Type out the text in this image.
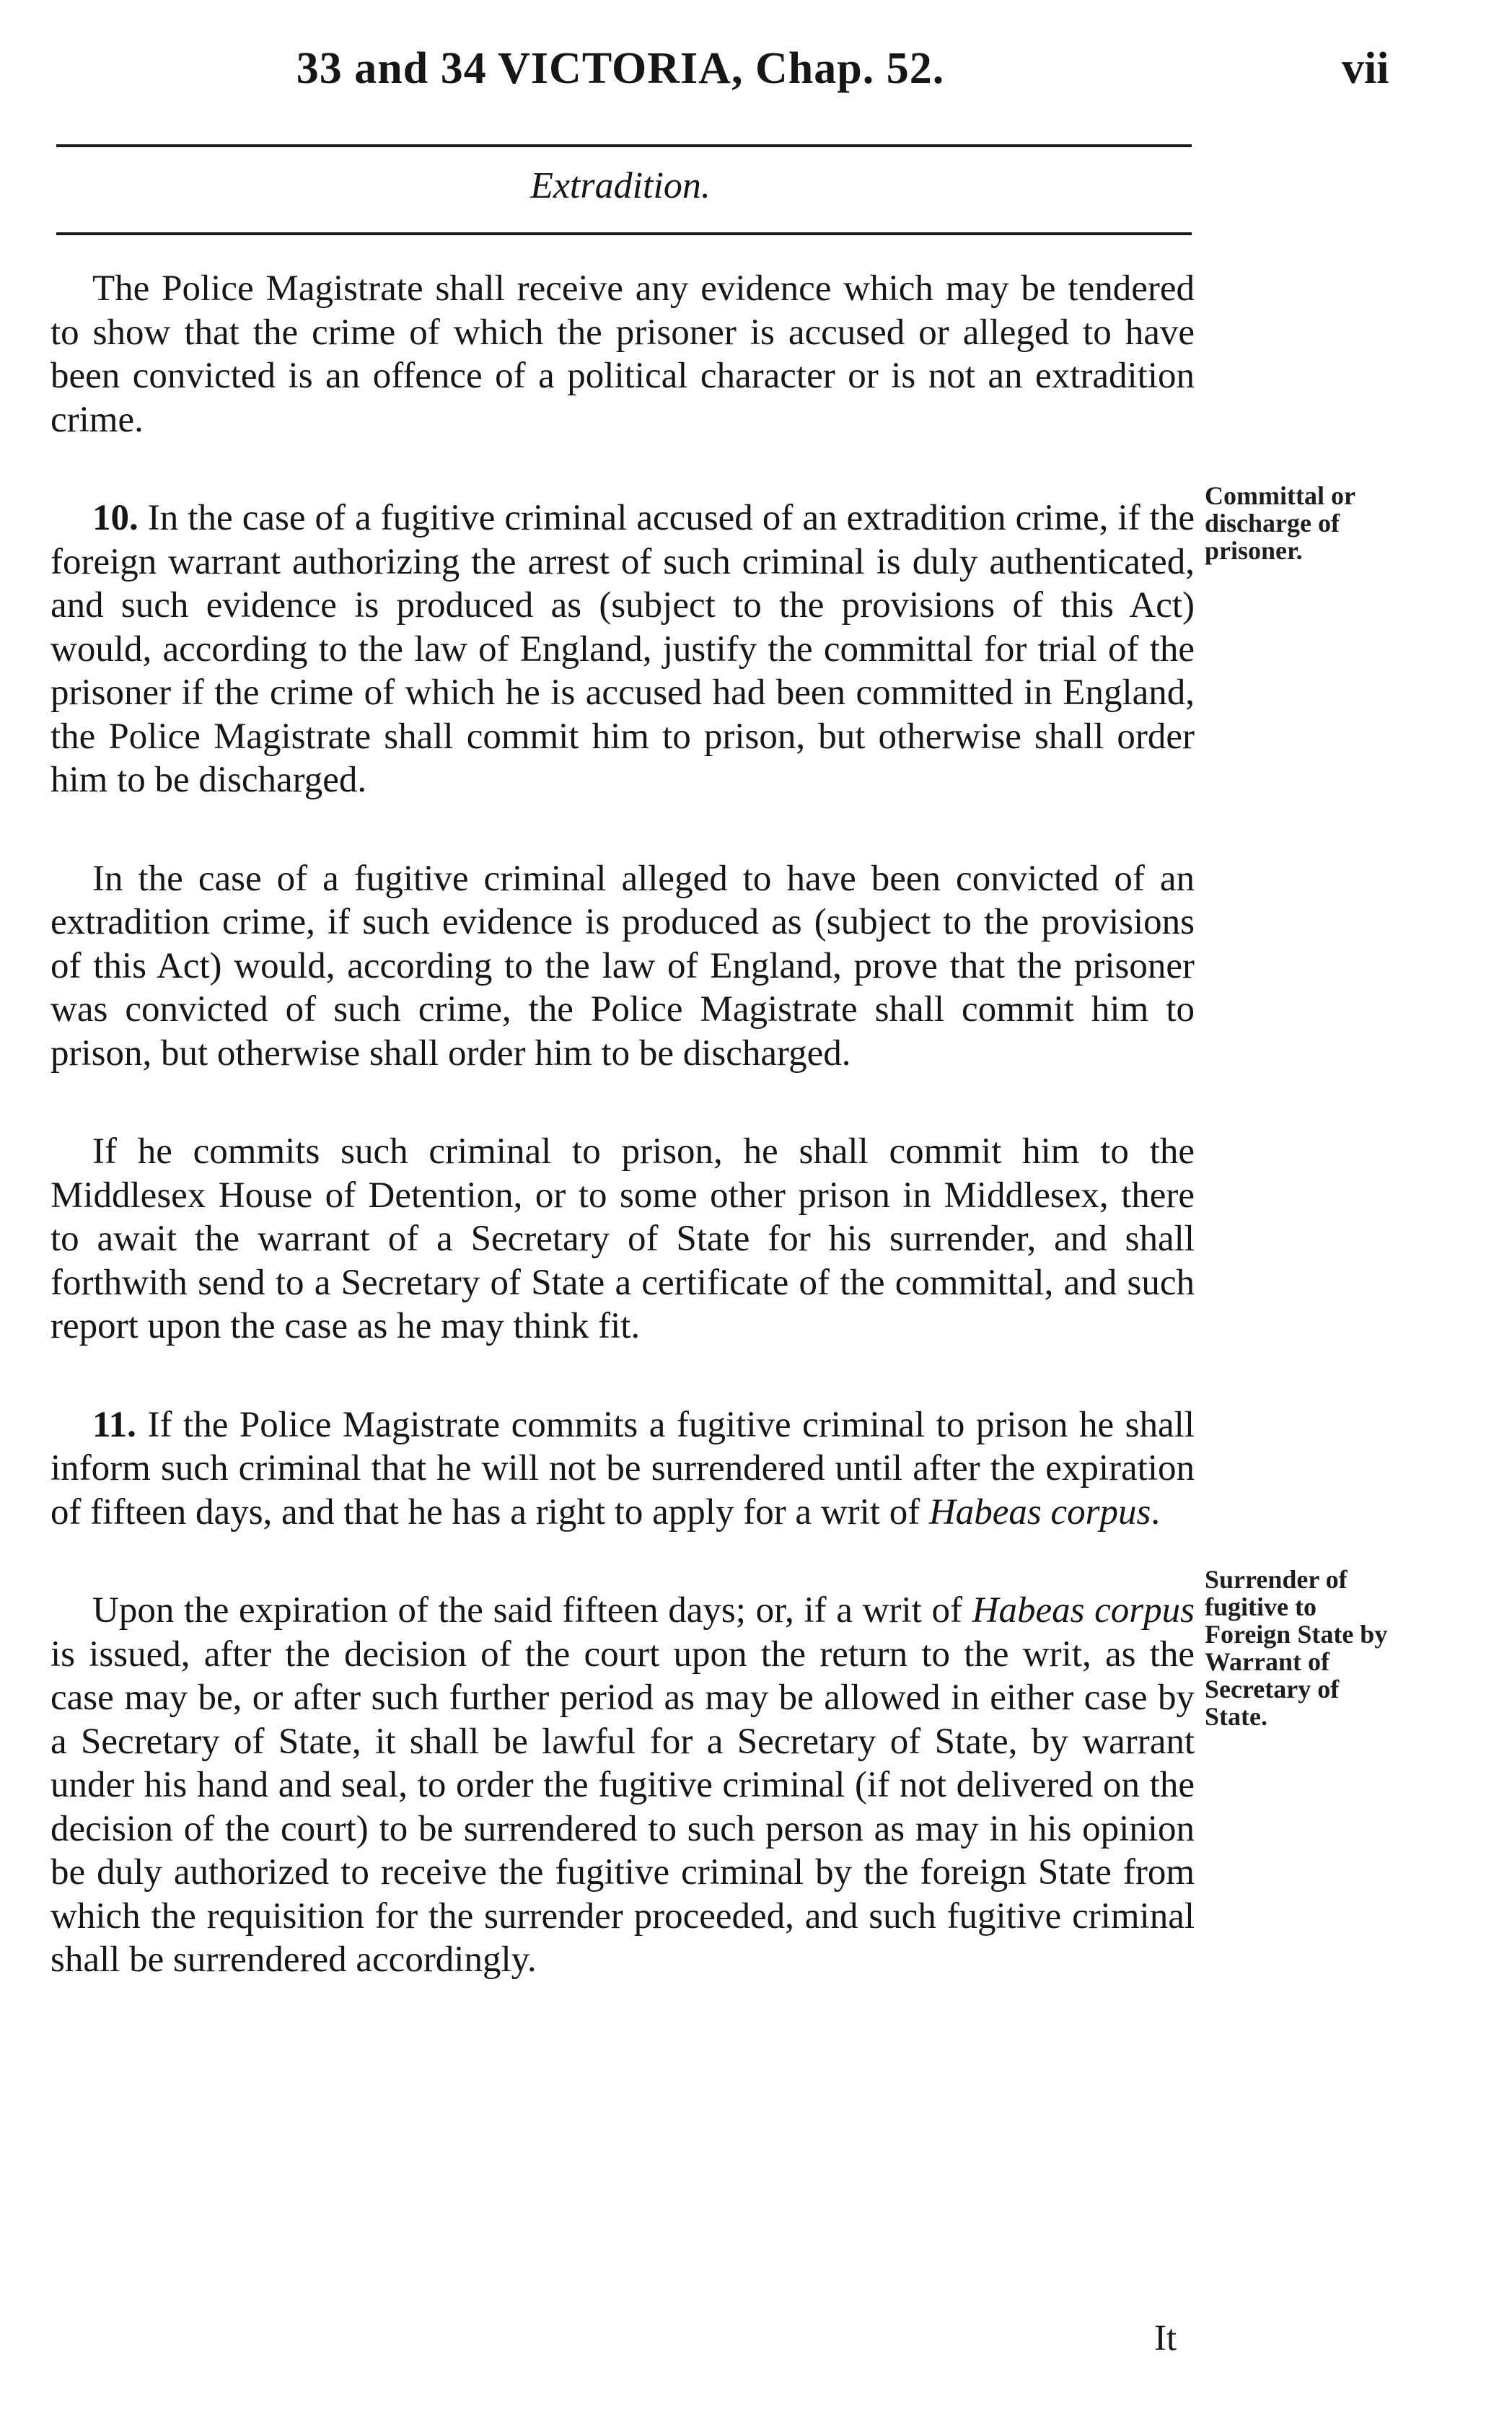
33 and 34 VICTORIA, Chap. 52.	vii
Extradition.

The Police Magistrate shall receive any evidence which may be tendered to show that the crime of which the prisoner is accused or alleged to have been convicted is an offence of a political character or is not an extradition crime.

10. In the case of a fugitive criminal accused of an extradition crime, if the foreign warrant authorizing the arrest of such criminal is duly authenticated, and such evidence is produced as (subject to the provisions of this Act) would, according to the law of England, justify the committal for trial of the prisoner if the crime of which he is accused had been committed in England, the Police Magistrate shall commit him to prison, but otherwise shall order him to be discharged.

In the case of a fugitive criminal alleged to have been convicted of an extradition crime, if such evidence is produced as (subject to the provisions of this Act) would, according to the law of England, prove that the prisoner was convicted of such crime, the Police Magistrate shall commit him to prison, but otherwise shall order him to be discharged.

If he commits such criminal to prison, he shall commit him to the Middlesex House of Detention, or to some other prison in Middlesex, there to await the warrant of a Secretary of State for his surrender, and shall forthwith send to a Secretary of State a certificate of the committal, and such report upon the case as he may think fit.

11. If the Police Magistrate commits a fugitive criminal to prison he shall inform such criminal that he will not be surrendered until after the expiration of fifteen days, and that he has a right to apply for a writ of Habeas corpus.

Upon the expiration of the said fifteen days; or, if a writ of Habeas corpus is issued, after the decision of the court upon the return to the writ, as the case may be, or after such further period as may be allowed in either case by a Secretary of State, it shall be lawful for a Secretary of State, by warrant under his hand and seal, to order the fugitive criminal (if not delivered on the decision of the court) to be surrendered to such person as may in his opinion be duly authorized to receive the fugitive criminal by the foreign State from which the requisition for the surrender proceeded, and such fugitive criminal shall be surrendered accordingly.

Committal or discharge of prisoner.
Surrender of fugitive to Foreign State by Warrant of Secretary of State.
It
